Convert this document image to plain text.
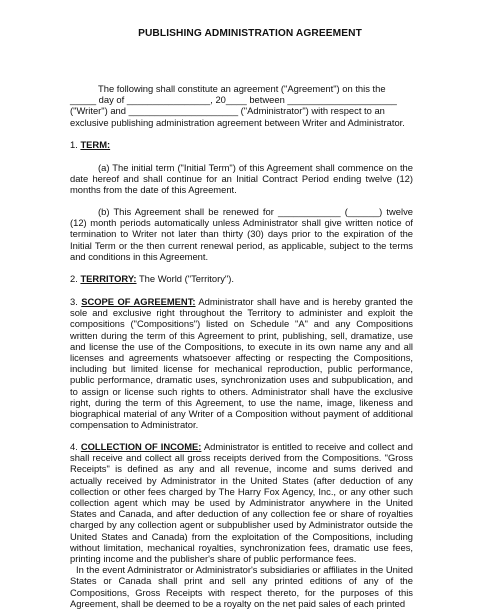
PUBLISHING ADMINISTRATION AGREEMENT

The following shall constitute an agreement ("Agreement") on this the

_____ day of ________________, 20____ between _____________________

("Writer") and _____________________ ("Administrator") with respect to an

exclusive publishing administration agreement between Writer and Administrator.

1. TERM:

(a) The initial term ("Initial Term") of this Agreement shall commence on the date hereof and shall continue for an Initial Contract Period ending twelve (12) months from the date of this Agreement.

(b) This Agreement shall be renewed for ____________ (______) twelve (12) month periods automatically unless Administrator shall give written notice of termination to Writer not later than thirty (30) days prior to the expiration of the Initial Term or the then current renewal period, as applicable, subject to the terms and conditions in this Agreement.

2. TERRITORY: The World ("Territory").

3. SCOPE OF AGREEMENT: Administrator shall have and is hereby granted the sole and exclusive right throughout the Territory to administer and exploit the compositions ("Compositions") listed on Schedule "A" and any Compositions written during the term of this Agreement to print, publishing, sell, dramatize, use and license the use of the Compositions, to execute in its own name any and all licenses and agreements whatsoever affecting or respecting the Compositions, including but limited license for mechanical reproduction, public performance, public performance, dramatic uses, synchronization uses and subpublication, and to assign or license such rights to others. Administrator shall have the exclusive right, during the term of this Agreement, to use the name, image, likeness and biographical material of any Writer of a Composition without payment of additional compensation to Administrator.

4. COLLECTION OF INCOME: Administrator is entitled to receive and collect and shall receive and collect all gross receipts derived from the Compositions. "Gross Receipts" is defined as any and all revenue, income and sums derived and actually received by Administrator in the United States (after deduction of any collection or other fees charged by The Harry Fox Agency, Inc., or any other such collection agent which may be used by Administrator anywhere in the United States and Canada, and after deduction of any collection fee or share of royalties charged by any collection agent or subpublisher used by Administrator outside the United States and Canada) from the exploitation of the Compositions, including without limitation, mechanical royalties, synchronization fees, dramatic use fees, printing income and the publisher's share of public performance fees.

In the event Administrator or Administrator's subsidiaries or affiliates in the United States or Canada shall print and sell any printed editions of any of the Compositions, Gross Receipts with respect thereto, for the purposes of this Agreement, shall be deemed to be a royalty on the net paid sales of each printed
